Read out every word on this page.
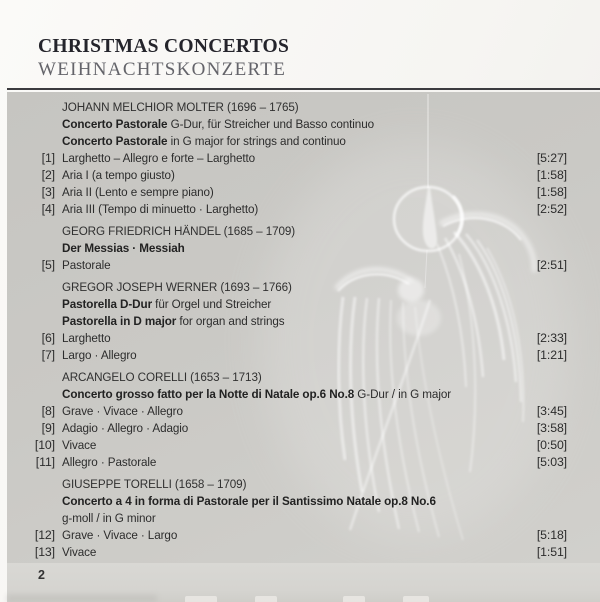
CHRISTMAS CONCERTOS
WEIHNACHTSKONZERTE
JOHANN MELCHIOR MOLTER (1696 – 1765)
Concerto Pastorale G-Dur, für Streicher und Basso continuo
Concerto Pastorale in G major for strings and continuo
[1] Larghetto – Allegro e forte – Larghetto	[5:27]
[2] Aria I (a tempo giusto)	[1:58]
[3] Aria II (Lento e sempre piano)	[1:58]
[4] Aria III (Tempo di minuetto · Larghetto)	[2:52]
GEORG FRIEDRICH HÄNDEL (1685 – 1709)
Der Messias · Messiah
[5] Pastorale	[2:51]
GREGOR JOSEPH WERNER (1693 – 1766)
Pastorella D-Dur für Orgel und Streicher
Pastorella in D major for organ and strings
[6] Larghetto	[2:33]
[7] Largo · Allegro	[1:21]
ARCANGELO CORELLI (1653 – 1713)
Concerto grosso fatto per la Notte di Natale op.6 No.8 G-Dur / in G major
[8] Grave · Vivace · Allegro	[3:45]
[9] Adagio · Allegro · Adagio	[3:58]
[10] Vivace	[0:50]
[11] Allegro · Pastorale	[5:03]
GIUSEPPE TORELLI (1658 – 1709)
Concerto a 4 in forma di Pastorale per il Santissimo Natale op.8 No.6
g-moll / in G minor
[12] Grave · Vivace · Largo	[5:18]
[13] Vivace	[1:51]
2
